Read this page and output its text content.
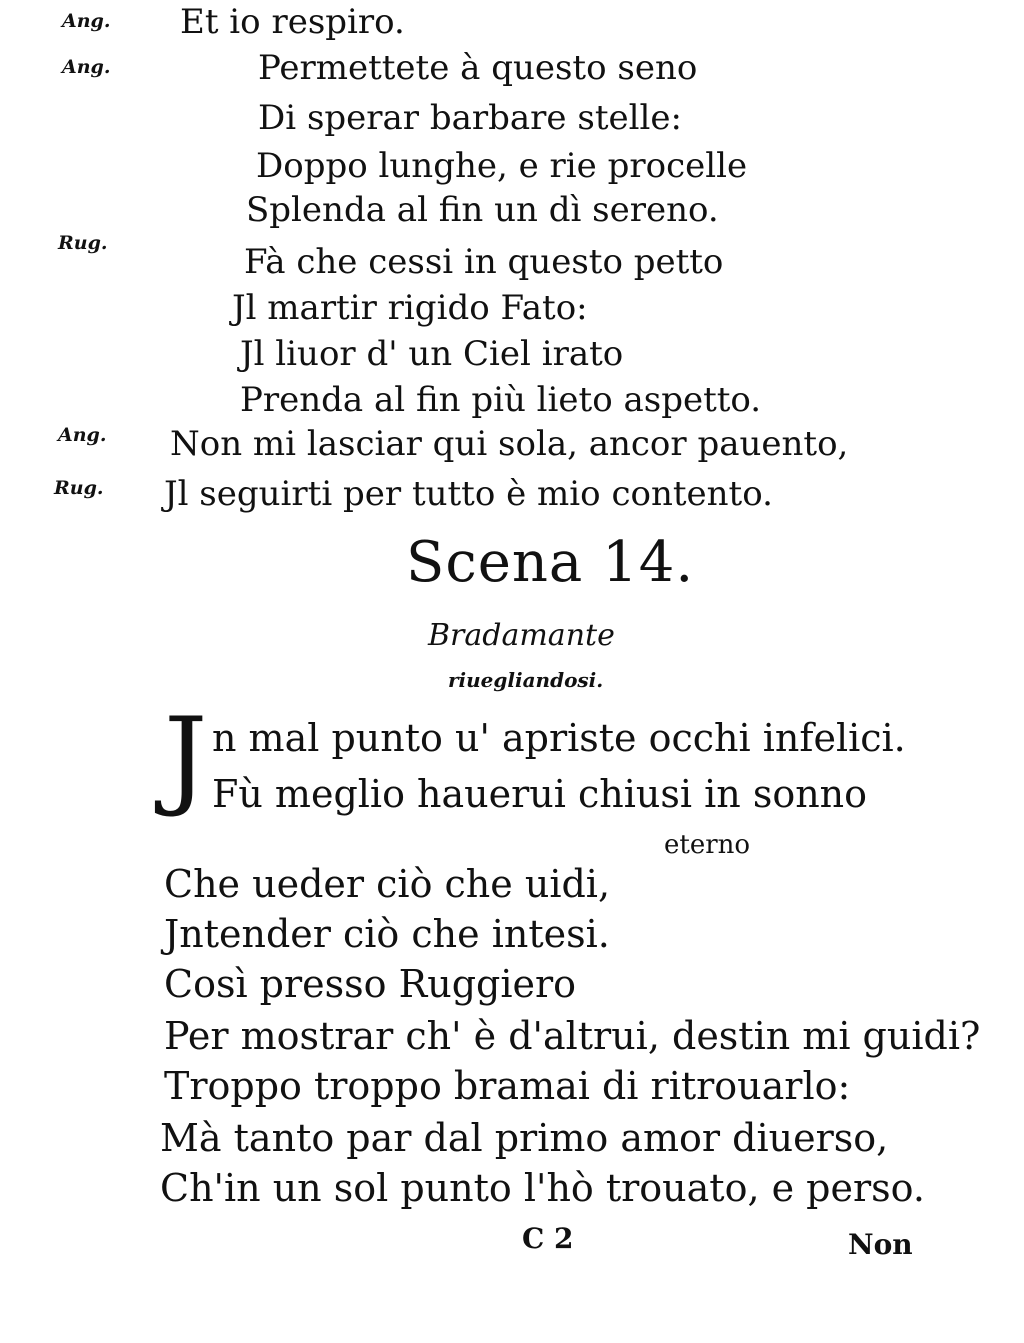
Ang.
Ang.
Rug.
Ang.
Rug.
Et io respiro.
Permettete à questo seno
Di sperar barbare stelle:
Doppo lunghe, e rie procelle
Splenda al fin un dì sereno.
Fà che cessi in questo petto
Jl martir rigido Fato:
Jl liuor d' un Ciel irato
Prenda al fin più lieto aspetto.
Non mi lasciar qui sola, ancor pauento,
Jl seguirti per tutto è mio contento.
Scena 14.
Bradamante
riuegliandosi.
J n mal punto u' apriste occhi infelici.
Fù meglio hauerui chiusi in sonno
eterno
Che ueder ciò che uidi,
Jntender ciò che intesi.
Così presso Ruggiero
Per mostrar ch' è d'altrui, destin mi guidi?
Troppo troppo bramai di ritrouarlo:
Mà tanto par dal primo amor diuerso,
Ch'in un sol punto l'hò trouato, e perso.
C 2	Non
